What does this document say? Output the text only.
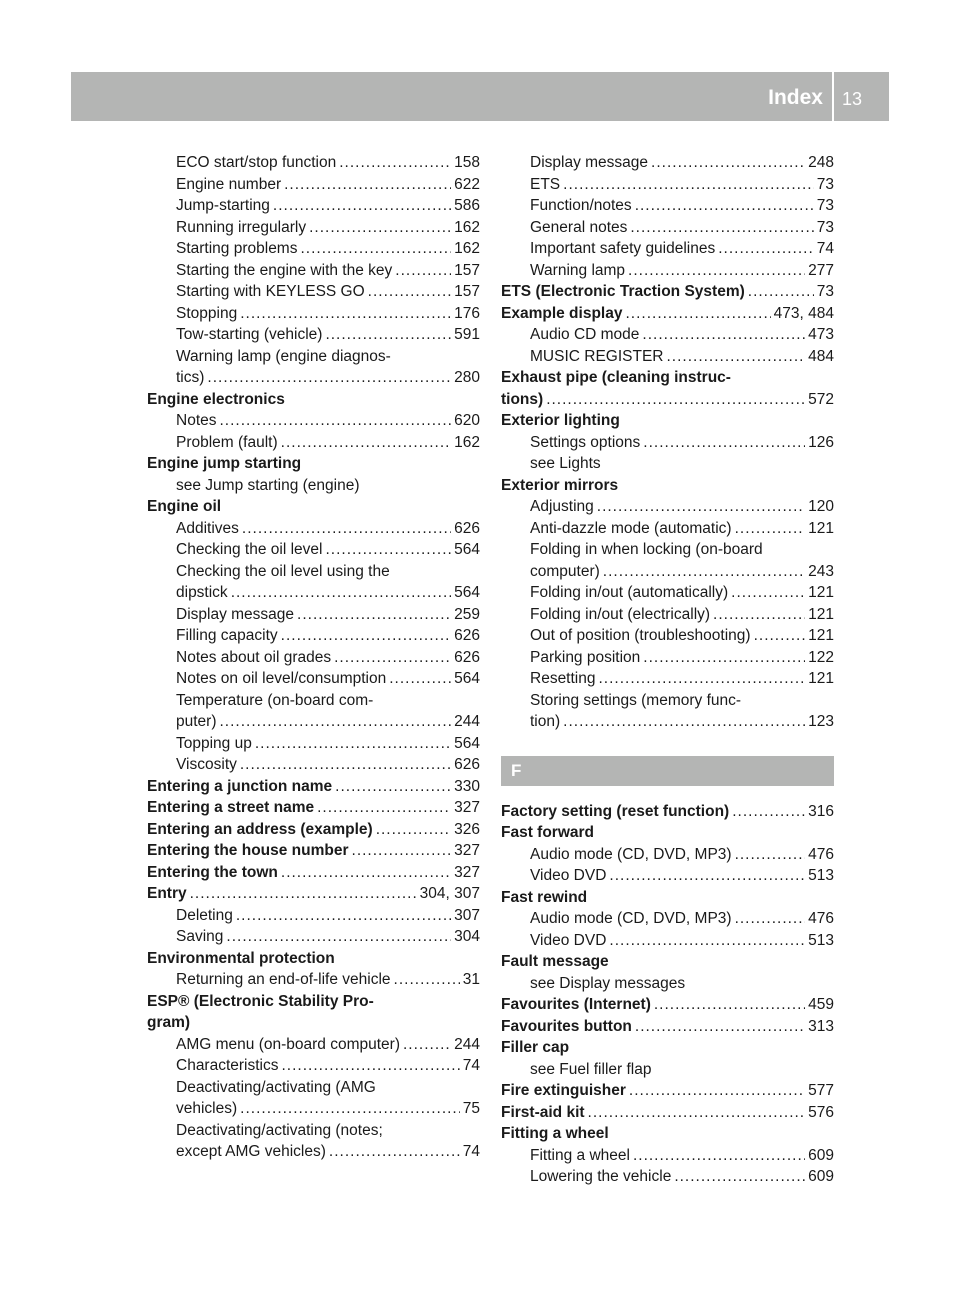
Index 13
ECO start/stop function .....	158
Engine number .....	622
Jump-starting .....	586
Running irregularly .....	162
Starting problems .....	162
Starting the engine with the key .....	157
Starting with KEYLESS GO .....	157
Stopping .....	176
Tow-starting (vehicle) .....	591
Warning lamp (engine diagnos-
tics) .....	280
Engine electronics
Notes .....	620
Problem (fault) .....	162
Engine jump starting
see Jump starting (engine)
Engine oil
Additives .....	626
Checking the oil level .....	564
Checking the oil level using the
dipstick .....	564
Display message .....	259
Filling capacity .....	626
Notes about oil grades .....	626
Notes on oil level/consumption .....	564
Temperature (on-board com-
puter) .....	244
Topping up .....	564
Viscosity .....	626
Entering a junction name .....	330
Entering a street name .....	327
Entering an address (example) .....	326
Entering the house number .....	327
Entering the town .....	327
Entry .....	304, 307
Deleting .....	307
Saving .....	304
Environmental protection
Returning an end-of-life vehicle .....	31
ESP® (Electronic Stability Pro-
gram)
AMG menu (on-board computer) .....	244
Characteristics .....	74
Deactivating/activating (AMG
vehicles) .....	75
Deactivating/activating (notes;
except AMG vehicles) .....	74
Display message .....	248
ETS .....	73
Function/notes .....	73
General notes .....	73
Important safety guidelines .....	74
Warning lamp .....	277
ETS (Electronic Traction System) .....	73
Example display .....	473, 484
Audio CD mode .....	473
MUSIC REGISTER .....	484
Exhaust pipe (cleaning instruc-
tions) .....	572
Exterior lighting
Settings options .....	126
see Lights
Exterior mirrors
Adjusting .....	120
Anti-dazzle mode (automatic) .....	121
Folding in when locking (on-board
computer) .....	243
Folding in/out (automatically) .....	121
Folding in/out (electrically) .....	121
Out of position (troubleshooting) .....	121
Parking position .....	122
Resetting .....	121
Storing settings (memory func-
tion) .....	123
F
Factory setting (reset function) .....	316
Fast forward
Audio mode (CD, DVD, MP3) .....	476
Video DVD .....	513
Fast rewind
Audio mode (CD, DVD, MP3) .....	476
Video DVD .....	513
Fault message
see Display messages
Favourites (Internet) .....	459
Favourites button .....	313
Filler cap
see Fuel filler flap
Fire extinguisher .....	577
First-aid kit .....	576
Fitting a wheel
Fitting a wheel .....	609
Lowering the vehicle .....	609
